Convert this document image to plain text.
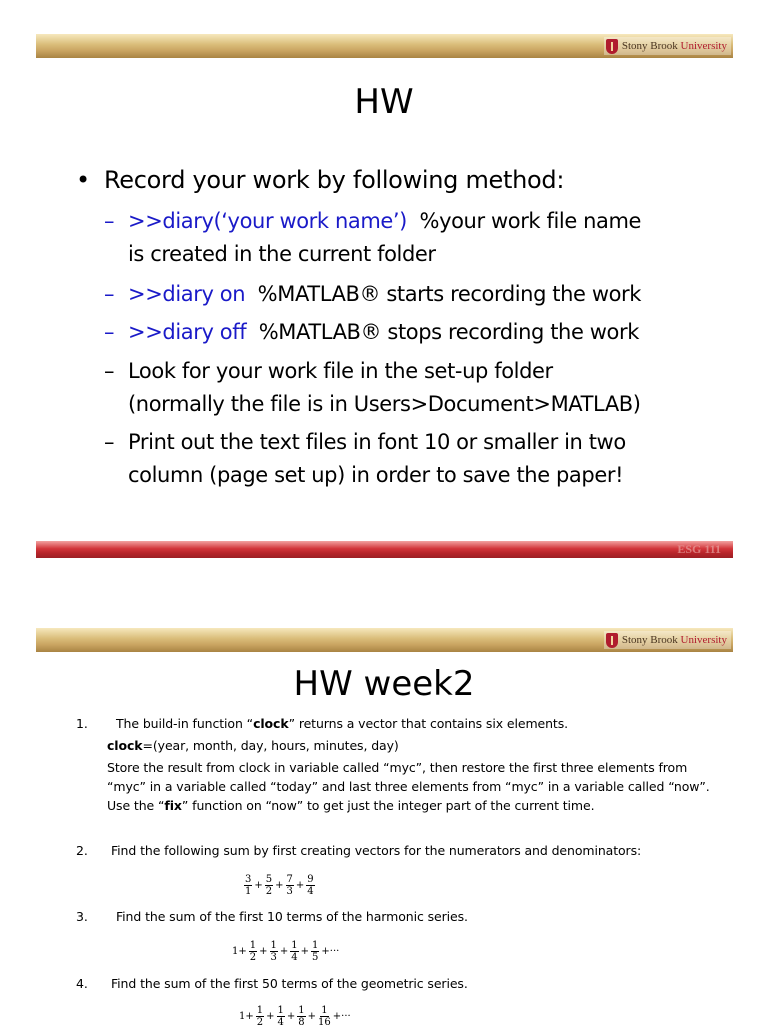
Stony Brook University
HW
• Record your work by following method:
– >>diary(‘your work name’)  %your work file name
is created in the current folder
– >>diary on  %MATLAB® starts recording the work
– >>diary off  %MATLAB® stops recording the work
– Look for your work file in the set-up folder
(normally the file is in Users>Document>MATLAB)
– Print out the text files in font 10 or smaller in two
column (page set up) in order to save the paper!
ESG 111
Stony Brook University
HW week2
1. The build-in function “clock” returns a vector that contains six elements.
clock=(year, month, day, hours, minutes, day)
Store the result from clock in variable called “myc”, then restore the first three elements from
“myc” in a variable called “today” and last three elements from “myc” in a variable called “now”.
Use the “fix” function on “now” to get just the integer part of the current time.
2. Find the following sum by first creating vectors for the numerators and denominators:
$\frac{3}{1} + \frac{5}{2} + \frac{7}{3} + \frac{9}{4}$
3. Find the sum of the first 10 terms of the harmonic series.
$1+ \frac{1}{2} + \frac{1}{3} + \frac{1}{4} + \frac{1}{5}$ +···
4. Find the sum of the first 50 terms of the geometric series.
$1+ \frac{1}{2} + \frac{1}{4} + \frac{1}{8} + \frac{1}{16}$ +···
